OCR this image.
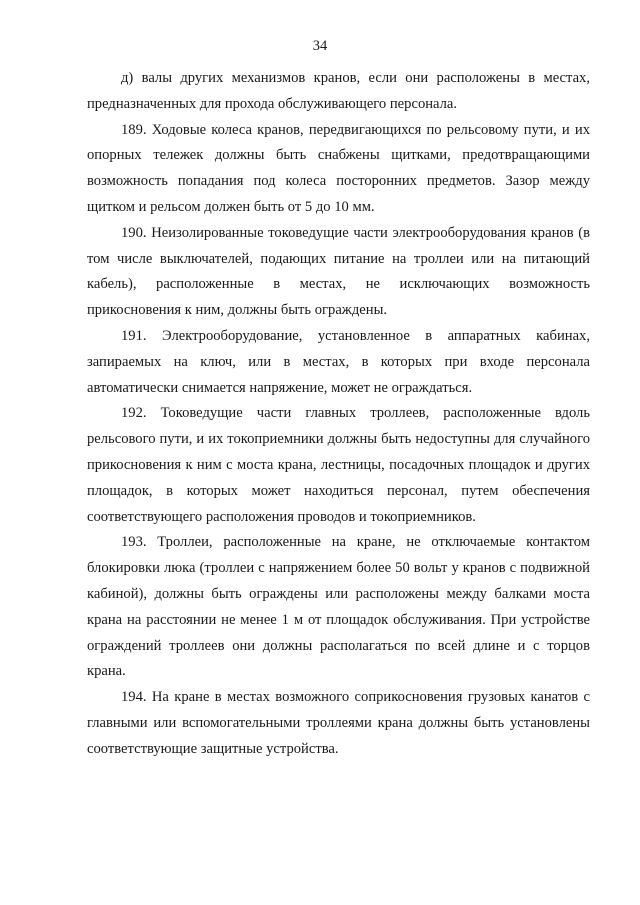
34

д) валы других механизмов кранов, если они расположены в местах, предназначенных для прохода обслуживающего персонала.

189. Ходовые колеса кранов, передвигающихся по рельсовому пути, и их опорных тележек должны быть снабжены щитками, предотвращающими возможность попадания под колеса посторонних предметов. Зазор между щитком и рельсом должен быть от 5 до 10 мм.

190. Неизолированные токоведущие части электрооборудования кранов (в том числе выключателей, подающих питание на троллеи или на питающий кабель), расположенные в местах, не исключающих возможность прикосновения к ним, должны быть ограждены.

191. Электрооборудование, установленное в аппаратных кабинах, запираемых на ключ, или в местах, в которых при входе персонала автоматически снимается напряжение, может не ограждаться.

192. Токоведущие части главных троллеев, расположенные вдоль рельсового пути, и их токоприемники должны быть недоступны для случайного прикосновения к ним с моста крана, лестницы, посадочных площадок и других площадок, в которых может находиться персонал, путем обеспечения соответствующего расположения проводов и токоприемников.

193. Троллеи, расположенные на кране, не отключаемые контактом блокировки люка (троллеи с напряжением более 50 вольт у кранов с подвижной кабиной), должны быть ограждены или расположены между балками моста крана на расстоянии не менее 1 м от площадок обслуживания. При устройстве ограждений троллеев они должны располагаться по всей длине и с торцов крана.

194. На кране в местах возможного соприкосновения грузовых канатов с главными или вспомогательными троллеями крана должны быть установлены соответствующие защитные устройства.
